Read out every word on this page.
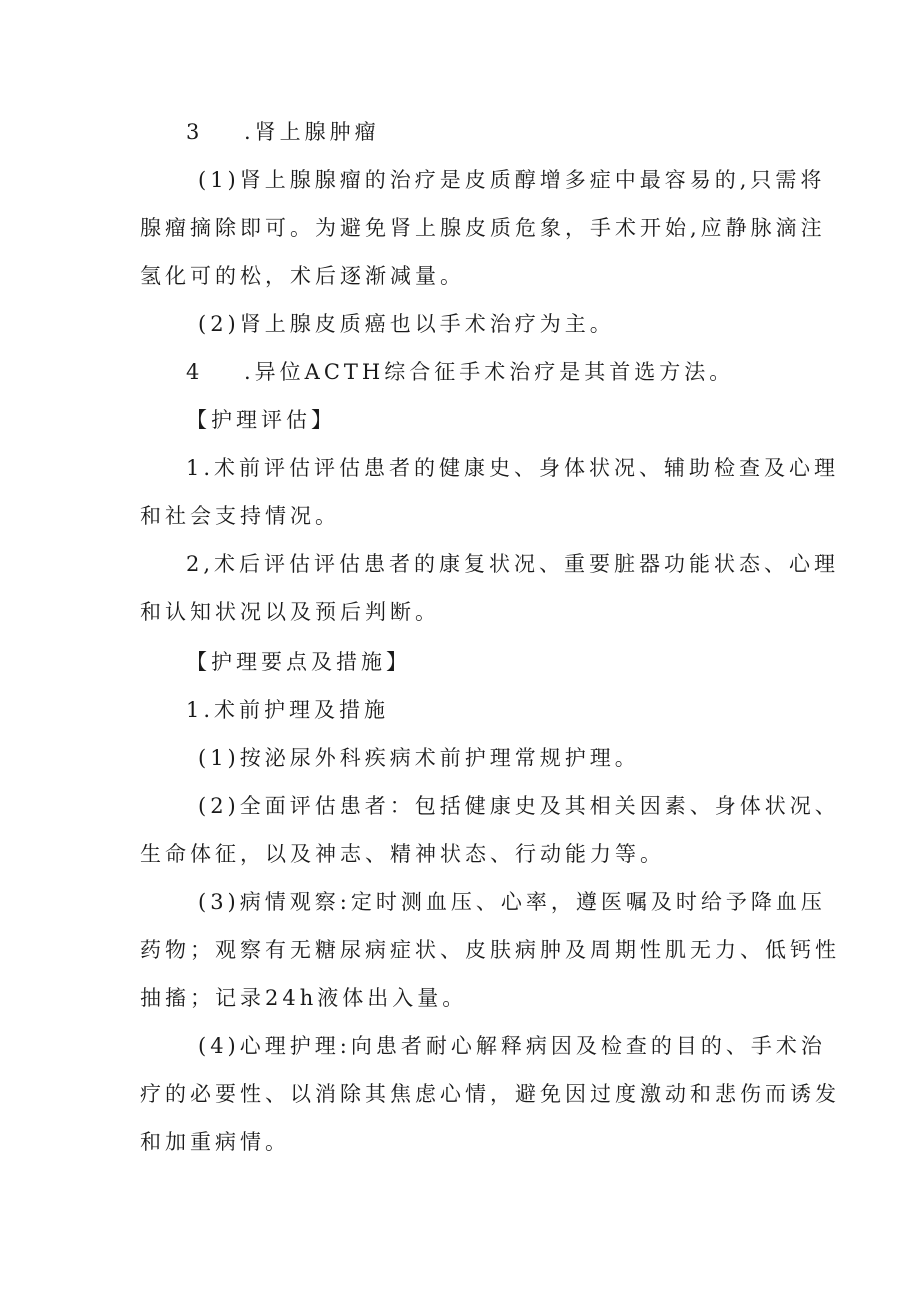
3 .肾上腺肿瘤
(1)肾上腺腺瘤的治疗是皮质醇增多症中最容易的,只需将
腺瘤摘除即可。为避免肾上腺皮质危象，手术开始,应静脉滴注
氢化可的松，术后逐渐减量。
(2)肾上腺皮质癌也以手术治疗为主。
4 .异位ACTH综合征手术治疗是其首选方法。
【护理评估】
1.术前评估评估患者的健康史、身体状况、辅助检查及心理
和社会支持情况。
2,术后评估评估患者的康复状况、重要脏器功能状态、心理
和认知状况以及预后判断。
【护理要点及措施】
1.术前护理及措施
(1)按泌尿外科疾病术前护理常规护理。
(2)全面评估患者：包括健康史及其相关因素、身体状况、
生命体征，以及神志、精神状态、行动能力等。
(3)病情观察:定时测血压、心率，遵医嘱及时给予降血压
药物；观察有无糖尿病症状、皮肤病肿及周期性肌无力、低钙性
抽搐；记录24h液体出入量。
(4)心理护理:向患者耐心解释病因及检查的目的、手术治
疗的必要性、以消除其焦虑心情，避免因过度激动和悲伤而诱发
和加重病情。
